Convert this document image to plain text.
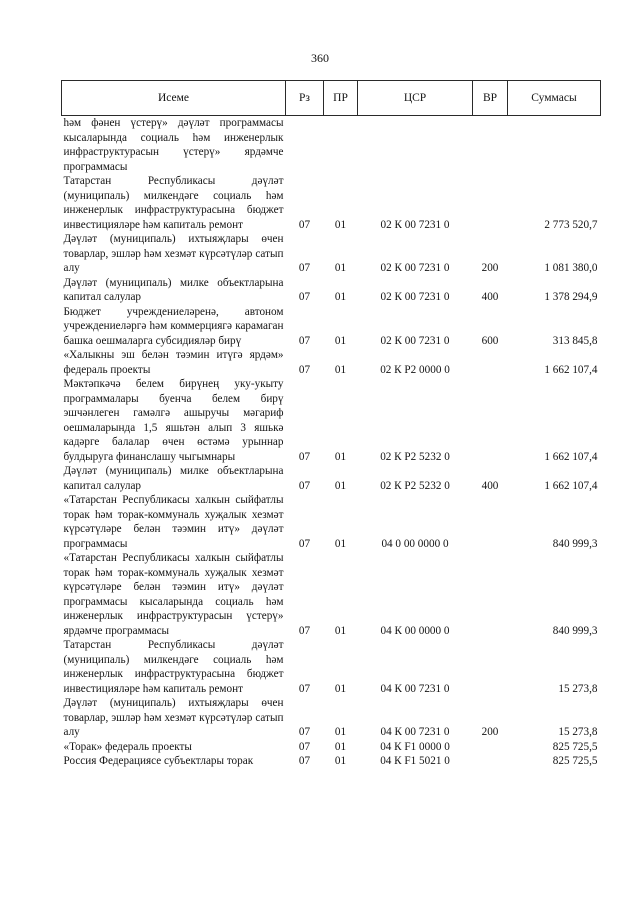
360
Исеме	Рз	ПР	ЦСР	ВР	Суммасы
һәм фәнен үстерү» дәүләт программасы кысаларында социаль һәм инженерлык инфраструктурасын үстерү» ярдәмче программасы					
Татарстан Республикасы дәүләт (муниципаль) милкендәге социаль һәм инженерлык инфраструктурасына бюджет инвестицияләре һәм капиталь ремонт	07	01	02 К 00 7231 0		2 773 520,7
Дәүләт (муниципаль) ихтыяҗлары өчен товарлар, эшләр һәм хезмәт күрсәтүләр сатып алу	07	01	02 К 00 7231 0	200	1 081 380,0
Дәүләт (муниципаль) милке объектларына капитал салулар	07	01	02 К 00 7231 0	400	1 378 294,9
Бюджет учреждениеләренә, автоном учреждениеләргә һәм коммерциягә карамаган башка оешмаларга субсидияләр бирү	07	01	02 К 00 7231 0	600	313 845,8
«Халыкны эш белән тәэмин итүгә ярдәм» федераль проекты	07	01	02 К Р2 0000 0		1 662 107,4
Мәктәпкәчә белем бирүнең уку-укыту программалары буенча белем бирү эшчәнлеген гамәлгә ашыручы мәгариф оешмаларында 1,5 яшьтән алып 3 яшькә кадәрге балалар өчен өстәмә урыннар булдыруга финанслашу чыгымнары	07	01	02 К Р2 5232 0		1 662 107,4
Дәүләт (муниципаль) милке объектларына капитал салулар	07	01	02 К Р2 5232 0	400	1 662 107,4
«Татарстан Республикасы халкын сыйфатлы торак һәм торак-коммуналь хуҗалык хезмәт күрсәтүләре белән тәэмин итү» дәүләт программасы	07	01	04 0 00 0000 0		840 999,3
«Татарстан Республикасы халкын сыйфатлы торак һәм торак-коммуналь хуҗалык хезмәт күрсәтүләре белән тәэмин итү» дәүләт программасы кысаларында социаль һәм инженерлык инфраструктурасын үстерү» ярдәмче программасы	07	01	04 К 00 0000 0		840 999,3
Татарстан Республикасы дәүләт (муниципаль) милкендәге социаль һәм инженерлык инфраструктурасына бюджет инвестицияләре һәм капиталь ремонт	07	01	04 К 00 7231 0		15 273,8
Дәүләт (муниципаль) ихтыяҗлары өчен товарлар, эшләр һәм хезмәт күрсәтүләр сатып алу	07	01	04 К 00 7231 0	200	15 273,8
«Торак» федераль проекты	07	01	04 К F1 0000 0		825 725,5
Россия Федерациясе субъектлары торак	07	01	04 К F1 5021 0		825 725,5
